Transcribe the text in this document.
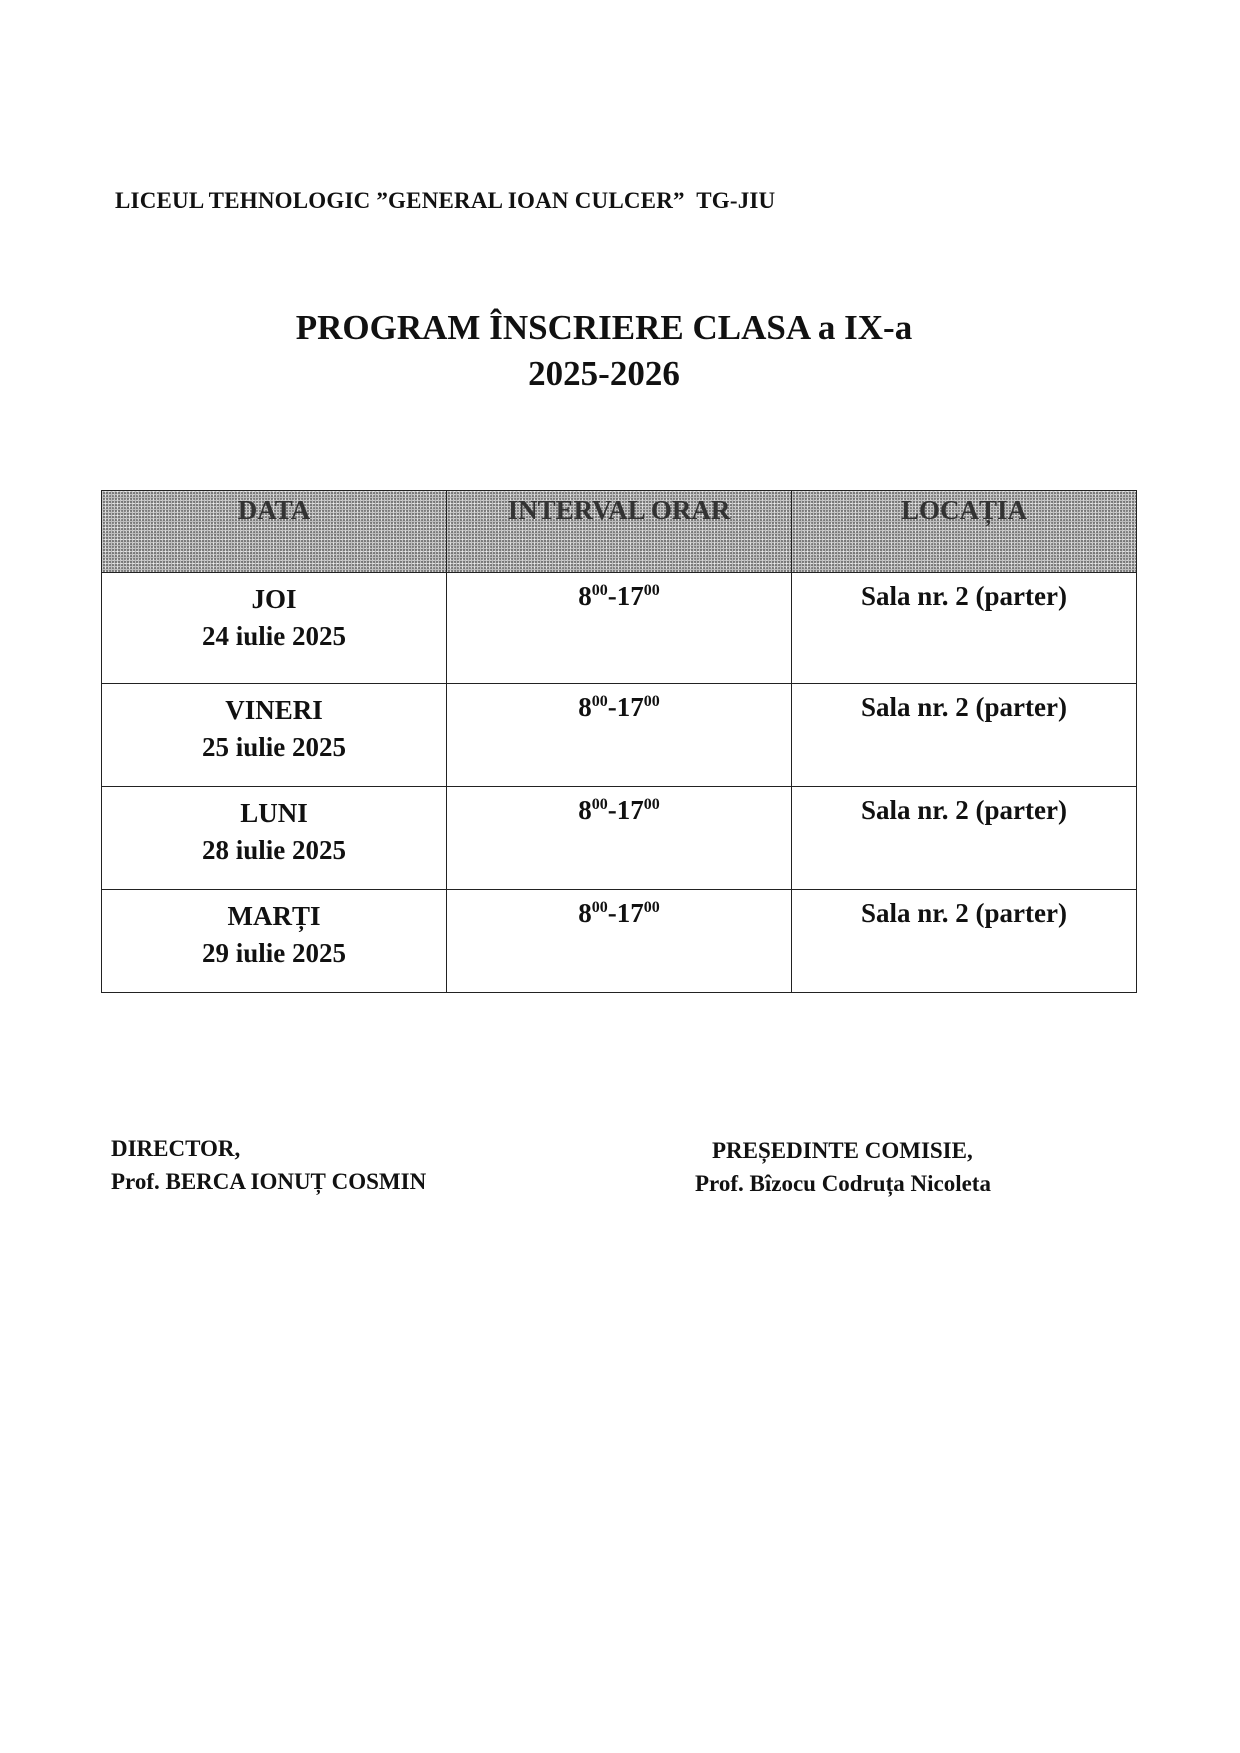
LICEUL TEHNOLOGIC ”GENERAL IOAN CULCER”  TG-JIU
PROGRAM ÎNSCRIERE CLASA a IX-a
2025-2026
DATA	INTERVAL ORAR	LOCAȚIA

JOI
24 iulie 2025	$8^{00}-17^{00}$	Sala nr. 2 (parter)

VINERI
25 iulie 2025	$8^{00}-17^{00}$	Sala nr. 2 (parter)

LUNI
28 iulie 2025	$8^{00}-17^{00}$	Sala nr. 2 (parter)

MARȚI
29 iulie 2025	$8^{00}-17^{00}$	Sala nr. 2 (parter)
DIRECTOR,
Prof. BERCA IONUȚ COSMIN
PREȘEDINTE COMISIE,
Prof. Bîzocu Codruța Nicoleta
